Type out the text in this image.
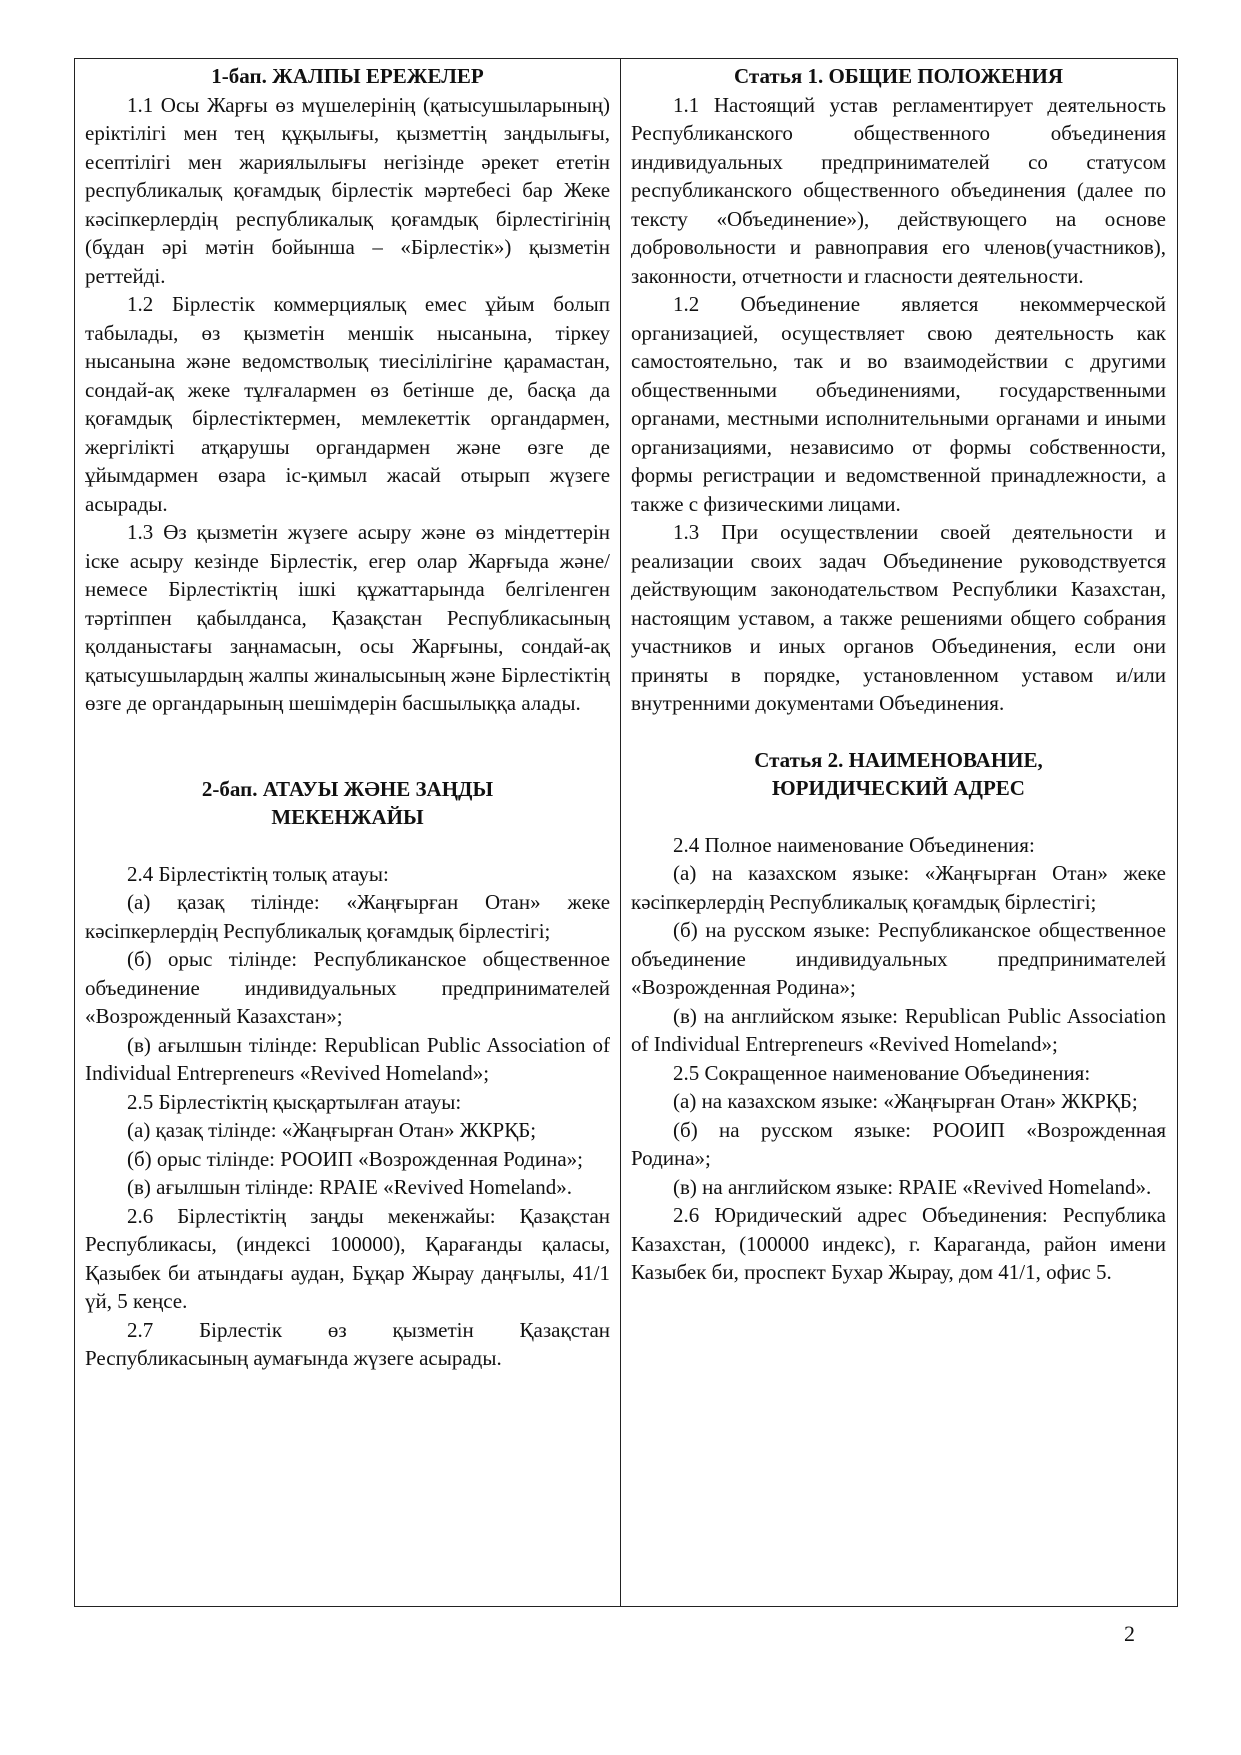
1-бап. ЖАЛПЫ ЕРЕЖЕЛЕР

1.1 Осы Жарғы өз мүшелерінің (қатысушыларының) еріктілігі мен тең құқылығы, қызметтің заңдылығы, есептілігі мен жариялылығы негізінде әрекет ететін республикалық қоғамдық бірлестік мәртебесі бар Жеке кәсіпкерлердің республикалық қоғамдық бірлестігінің (бұдан әрі мәтін бойынша – «Бірлестік») қызметін реттейді.

1.2 Бірлестік коммерциялық емес ұйым болып табылады, өз қызметін меншік нысанына, тіркеу нысанына және ведомстволық тиесілілігіне қарамастан, сондай-ақ жеке тұлғалармен өз бетінше де, басқа да қоғамдық бірлестіктермен, мемлекеттік органдармен, жергілікті атқарушы органдармен және өзге де ұйымдармен өзара іс-қимыл жасай отырып жүзеге асырады.

1.3 Өз қызметін жүзеге асыру және өз міндеттерін іске асыру кезінде Бірлестік, егер олар Жарғыда және/немесе Бірлестіктің ішкі құжаттарында белгіленген тәртіппен қабылданса, Қазақстан Республикасының қолданыстағы заңнамасын, осы Жарғыны, сондай-ақ қатысушылардың жалпы жиналысының және Бірлестіктің өзге де органдарының шешімдерін басшылыққа алады.

2-бап. АТАУЫ ЖӘНЕ ЗАҢДЫ

МЕКЕНЖАЙЫ

2.4 Бірлестіктің толық атауы:

(а) қазақ тілінде: «Жаңғырған Отан» жеке кәсіпкерлердің Республикалық қоғамдық бірлестігі;

(б) орыс тілінде: Республиканское общественное объединение индивидуальных предпринимателей «Возрожденный Казахстан»;

(в) ағылшын тілінде: Republican Public Association of Individual Entrepreneurs «Revived Homeland»;

2.5 Бірлестіктің қысқартылған атауы:

(а) қазақ тілінде: «Жаңғырған Отан» ЖКРҚБ;

(б) орыс тілінде: РООИП «Возрожденная Родина»;

(в) ағылшын тілінде: RPAIE «Revived Homeland».

2.6 Бірлестіктің заңды мекенжайы: Қазақстан Республикасы, (индексі 100000), Қарағанды қаласы, Қазыбек би атындағы аудан, Бұқар Жырау даңғылы, 41/1 үй, 5 кеңсе.

2.7 Бірлестік өз қызметін Қазақстан Республикасының аумағында жүзеге асырады.

Статья 1. ОБЩИЕ ПОЛОЖЕНИЯ

1.1 Настоящий устав регламентирует деятельность Республиканского общественного объединения индивидуальных предпринимателей со статусом республиканского общественного объединения (далее по тексту «Объединение»), действующего на основе добровольности и равноправия его членов(участников), законности, отчетности и гласности деятельности.

1.2 Объединение является некоммерческой организацией, осуществляет свою деятельность как самостоятельно, так и во взаимодействии с другими общественными объединениями, государственными органами, местными исполнительными органами и иными организациями, независимо от формы собственности, формы регистрации и ведомственной принадлежности, а также с физическими лицами.

1.3 При осуществлении своей деятельности и реализации своих задач Объединение руководствуется действующим законодательством Республики Казахстан, настоящим уставом, а также решениями общего собрания участников и иных органов Объединения, если они приняты в порядке, установленном уставом и/или внутренними документами Объединения.

Статья 2. НАИМЕНОВАНИЕ,

ЮРИДИЧЕСКИЙ АДРЕС

2.4 Полное наименование Объединения:

(а) на казахском языке: «Жаңғырған Отан» жеке кәсіпкерлердің Республикалық қоғамдық бірлестігі;

(б) на русском языке: Республиканское общественное объединение индивидуальных предпринимателей «Возрожденная Родина»;

(в) на английском языке: Republican Public Association of Individual Entrepreneurs «Revived Homeland»;

2.5 Сокращенное наименование Объединения:

(а) на казахском языке: «Жаңғырған Отан» ЖКРҚБ;

(б) на русском языке: РООИП «Возрожденная Родина»;

(в) на английском языке: RPAIE «Revived Homeland».

2.6 Юридический адрес Объединения: Республика Казахстан, (100000 индекс), г. Караганда, район имени Казыбек би, проспект Бухар Жырау, дом 41/1, офис 5.

2
